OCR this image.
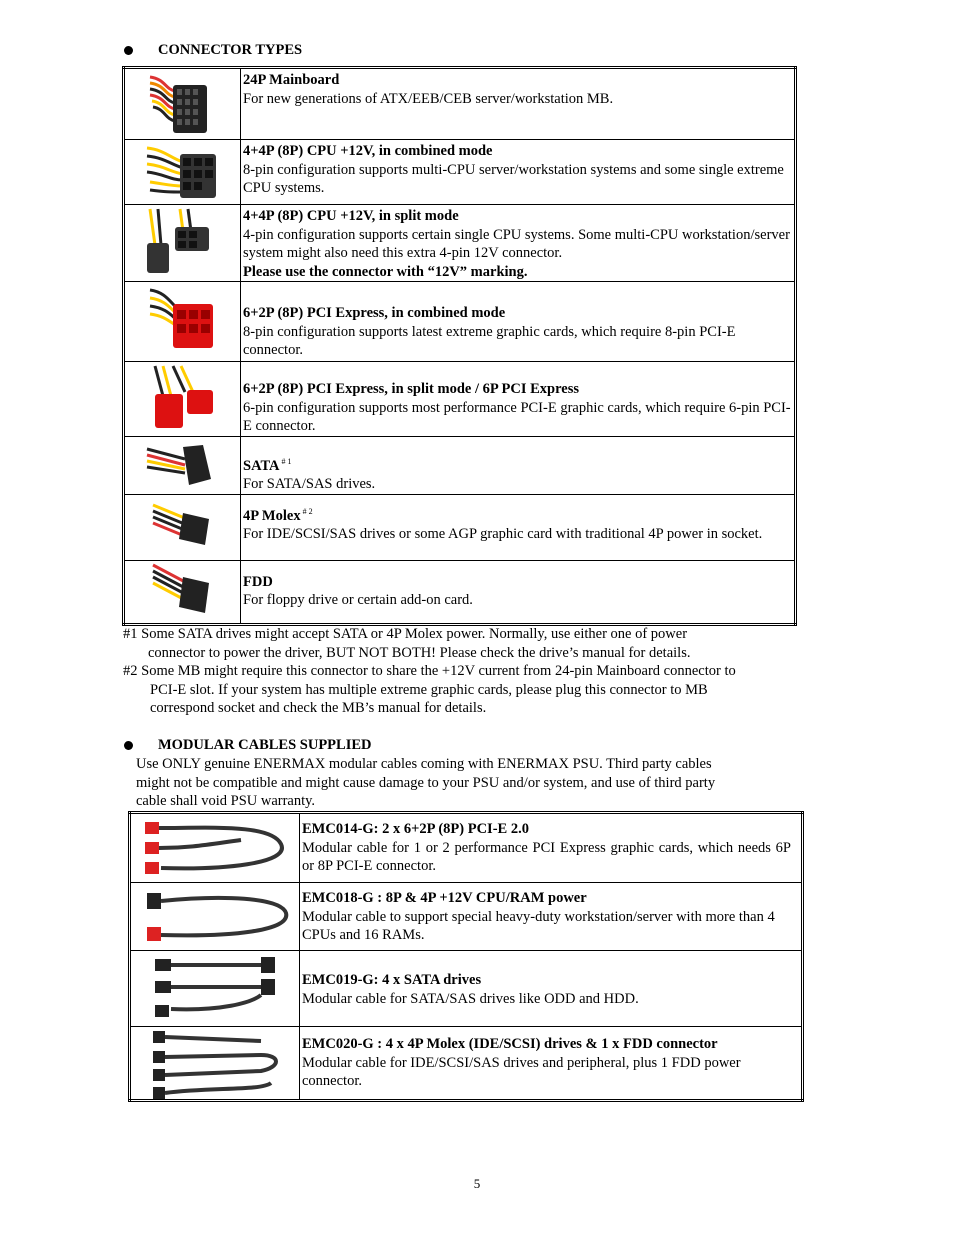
CONNECTOR TYPES

24P Mainboard
For new generations of ATX/EEB/CEB server/workstation MB.

4+4P (8P) CPU +12V, in combined mode
8-pin configuration supports multi-CPU server/workstation systems and some single extreme CPU systems.

4+4P (8P) CPU +12V, in split mode
4-pin configuration supports certain single CPU systems. Some multi-CPU workstation/server system might also need this extra 4-pin 12V connector.
Please use the connector with “12V” marking.

6+2P (8P) PCI Express, in combined mode
8-pin configuration supports latest extreme graphic cards, which require 8-pin PCI-E connector.

6+2P (8P) PCI Express, in split mode / 6P PCI Express
6-pin configuration supports most performance PCI-E graphic cards, which require 6-pin PCI-E connector.

SATA $^{\# 1}$
For SATA/SAS drives.

4P Molex $^{\# 2}$
For IDE/SCSI/SAS drives or some AGP graphic card with traditional 4P power in socket.

FDD
For floppy drive or certain add-on card.
#1 Some SATA drives might accept SATA or 4P Molex power. Normally, use either one of power
connector to power the driver, BUT NOT BOTH! Please check the drive’s manual for details.
#2 Some MB might require this connector to share the +12V current from 24-pin Mainboard connector to
PCI-E slot. If your system has multiple extreme graphic cards, please plug this connector to MB
correspond socket and check the MB’s manual for details.
MODULAR CABLES SUPPLIED
Use ONLY genuine ENERMAX modular cables coming with ENERMAX PSU. Third party cables
might not be compatible and might cause damage to your PSU and/or system, and use of third party
cable shall void PSU warranty.

EMC014-G: 2 x 6+2P (8P) PCI-E 2.0
Modular cable for 1 or 2 performance PCI Express graphic cards, which needs 6P or 8P PCI-E connector.

EMC018-G : 8P & 4P +12V CPU/RAM power
Modular cable to support special heavy-duty workstation/server with more than 4 CPUs and 16 RAMs.

EMC019-G: 4 x SATA drives
Modular cable for SATA/SAS drives like ODD and HDD.

EMC020-G : 4 x 4P Molex (IDE/SCSI) drives & 1 x FDD connector
Modular cable for IDE/SCSI/SAS drives and peripheral, plus 1 FDD power connector.
5
